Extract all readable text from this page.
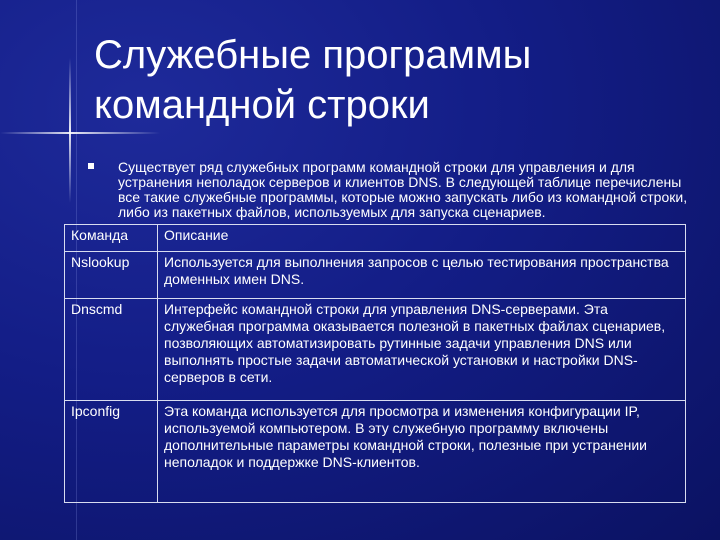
Служебные программы
командной строки
Существует ряд служебных программ командной строки для управления и для устранения неполадок серверов и клиентов DNS. В следующей таблице перечислены все такие служебные программы, которые можно запускать либо из командной строки, либо из пакетных файлов, используемых для запуска сценариев.
Команда	Описание
Nslookup	Используется для выполнения запросов с целью тестирования пространства доменных имен DNS.
Dnscmd	Интерфейс командной строки для управления DNS-серверами. Эта служебная программа оказывается полезной в пакетных файлах сценариев, позволяющих автоматизировать рутинные задачи управления DNS или выполнять простые задачи автоматической установки и настройки DNS-серверов в сети.
Ipconfig	Эта команда используется для просмотра и изменения конфигурации IP, используемой компьютером. В эту служебную программу включены дополнительные параметры командной строки, полезные при устранении неполадок и поддержке DNS-клиентов.
